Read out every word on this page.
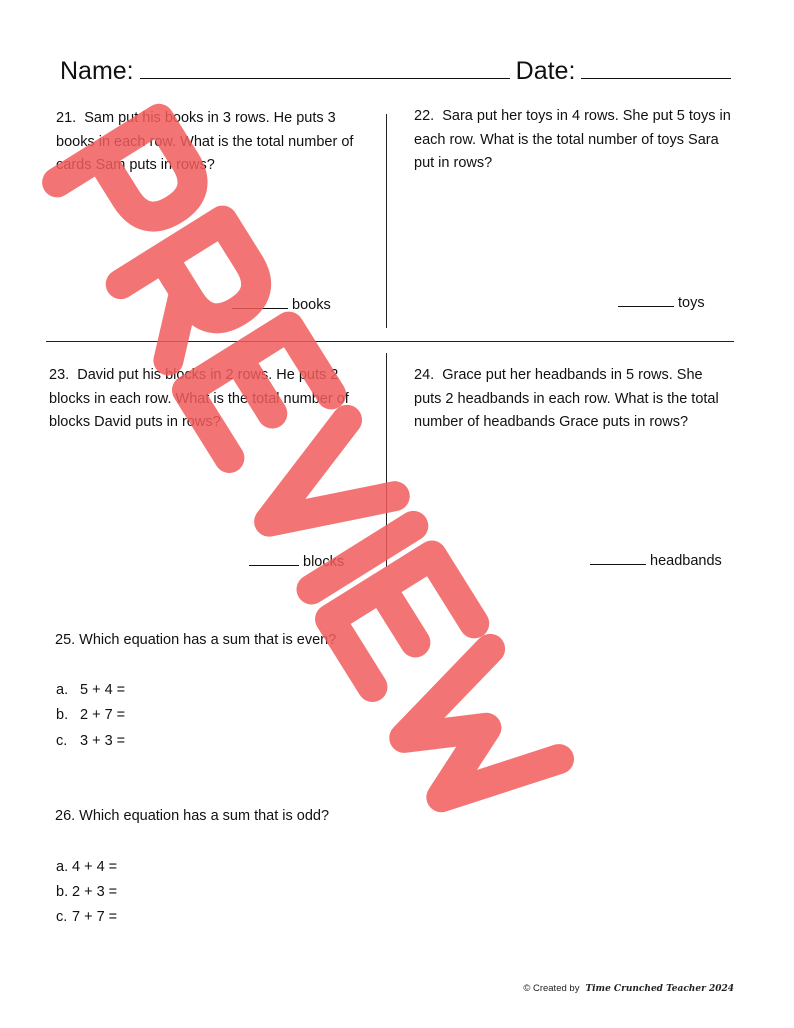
Name:	Date:
21. Sam put his books in 3 rows. He puts 3 books in each row. What is the total number of cards Sam puts in rows?
books
22. Sara put her toys in 4 rows. She put 5 toys in each row. What is the total number of toys Sara put in rows?
toys
23. David put his blocks in 2 rows. He puts 2 blocks in each row. What is the total number of blocks David puts in rows?
blocks
24. Grace put her headbands in 5 rows. She puts 2 headbands in each row. What is the total number of headbands Grace puts in rows?
headbands
25. Which equation has a sum that is even?
a. 5 + 4 =
b. 2 + 7 =
c. 3 + 3 =
26. Which equation has a sum that is odd?
a. 4 + 4 =
b. 2 + 3 =
c. 7 + 7 =
© Created by Time Crunched Teacher 2024
